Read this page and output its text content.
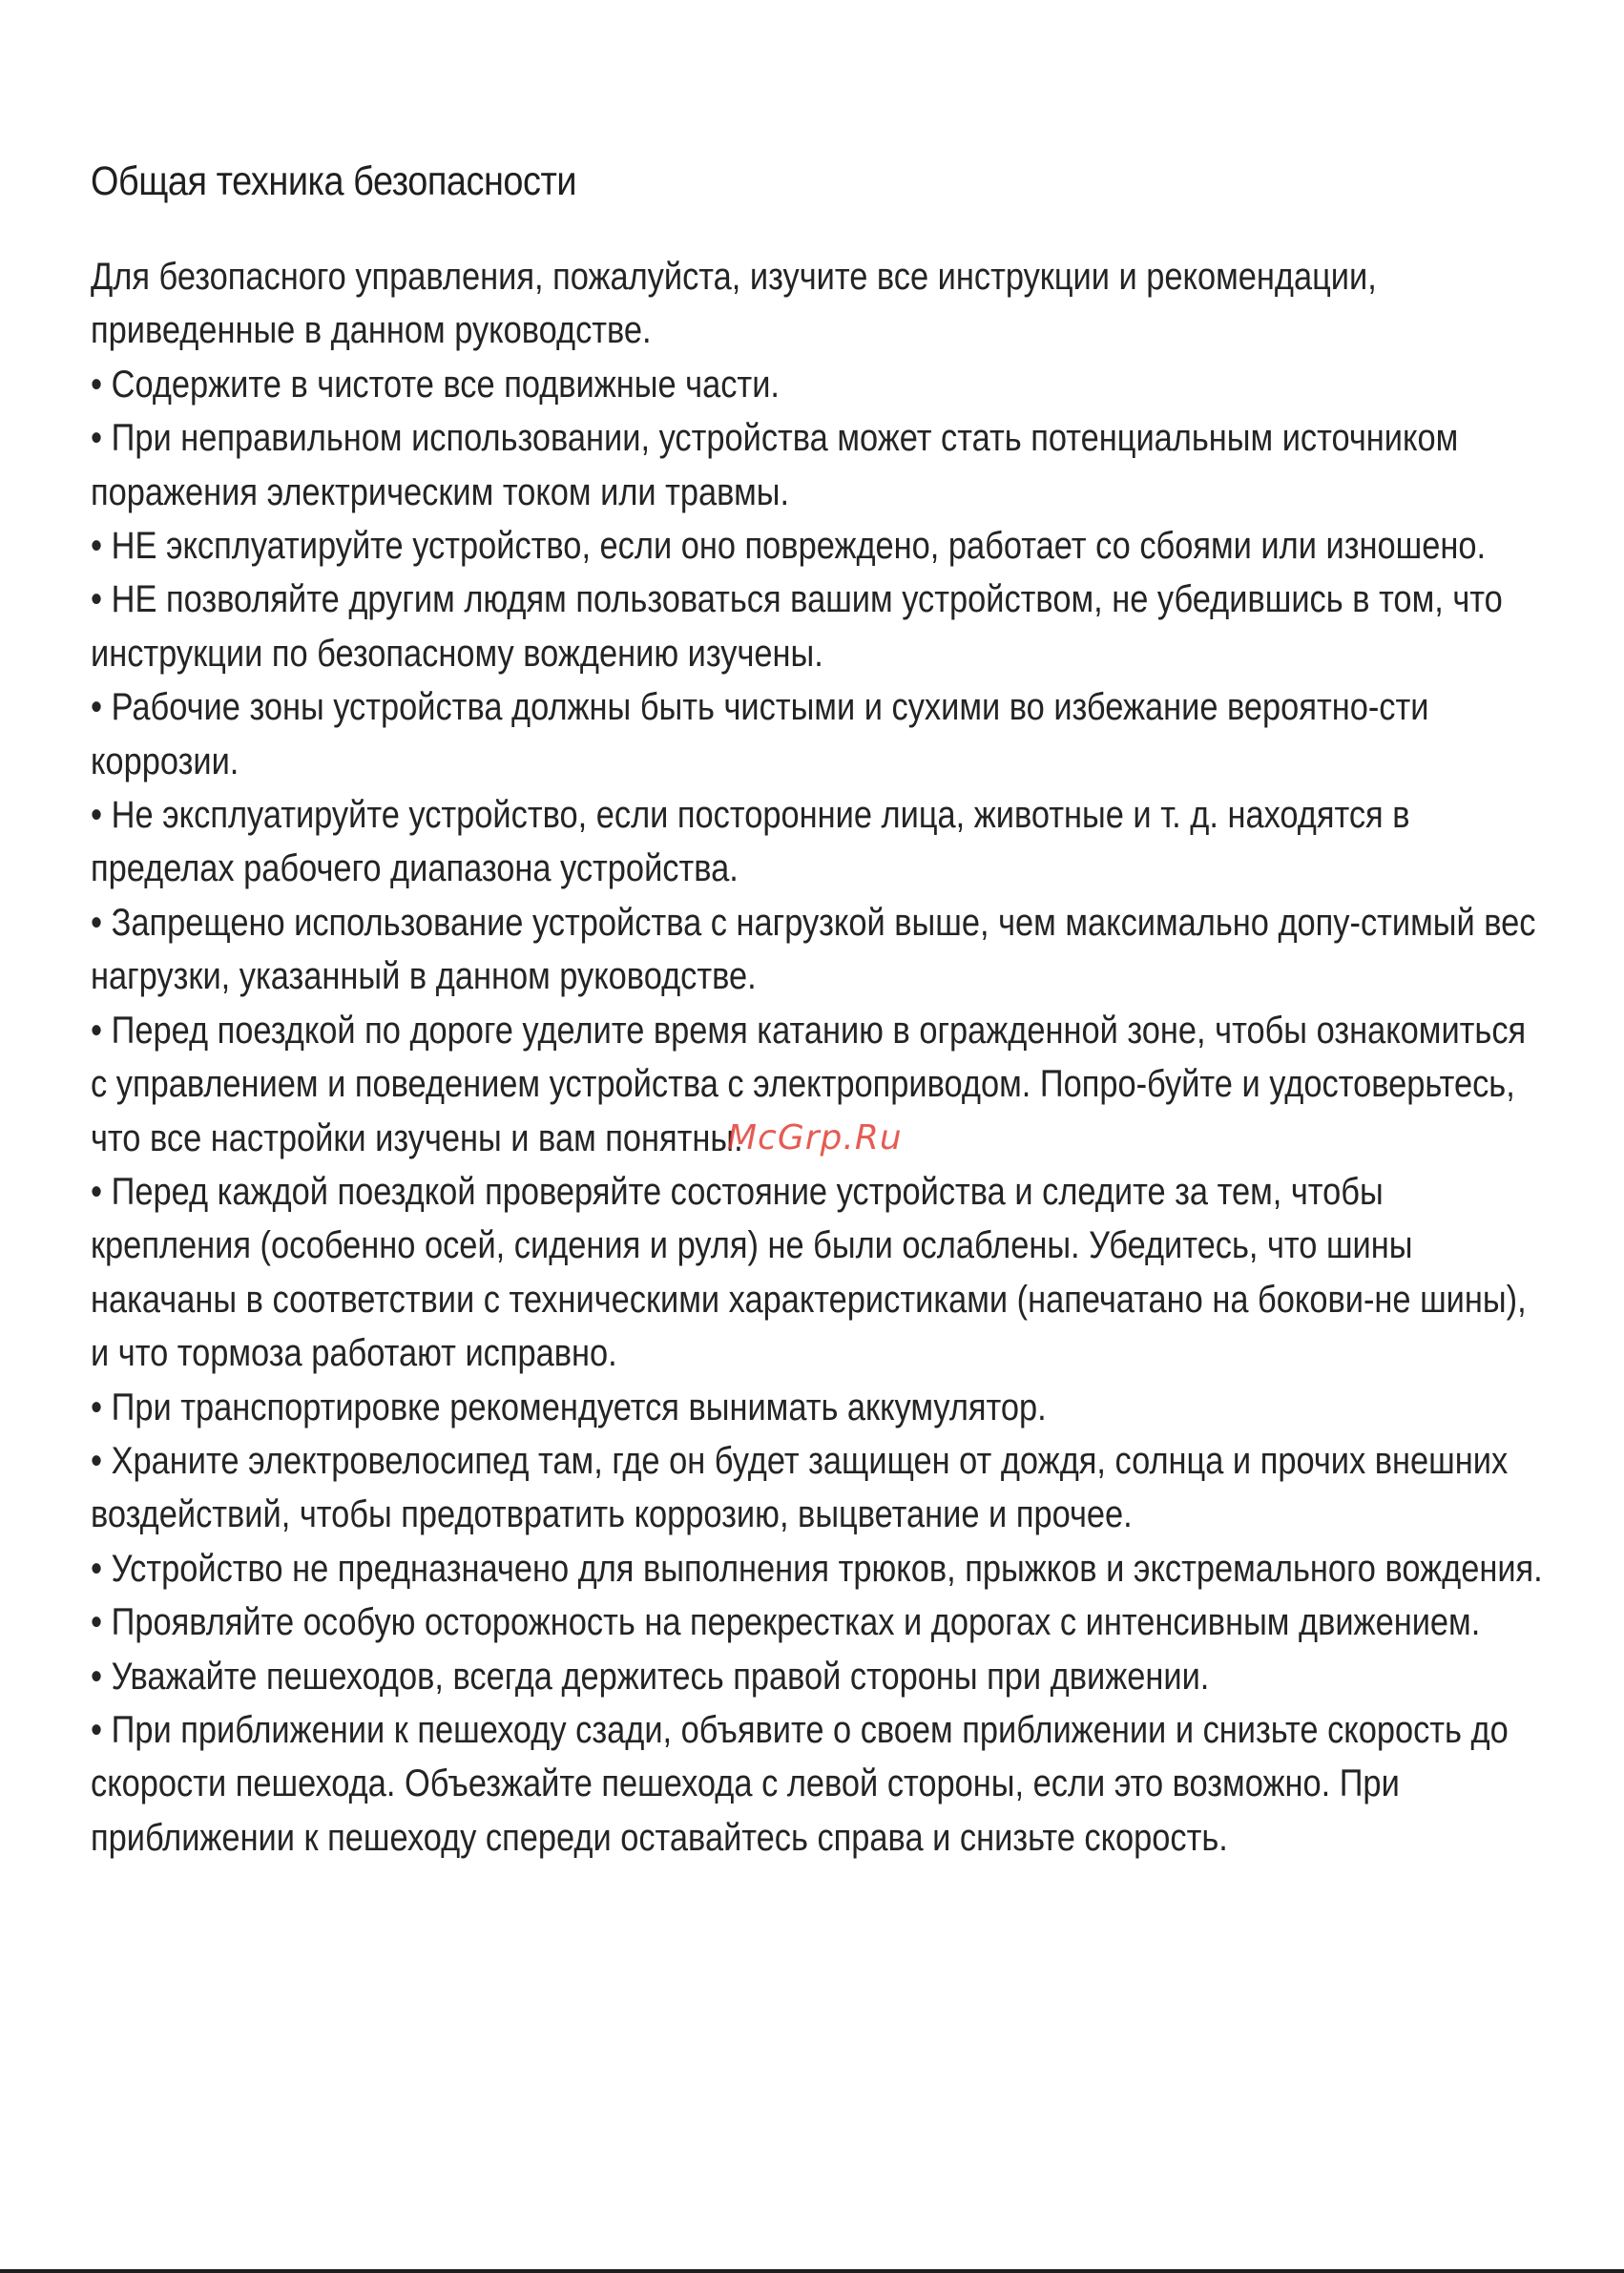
Общая техника безопасности

Для безопасного управления, пожалуйста, изучите все инструкции и рекомендации, приведенные в данном руководстве.

• Содержите в чистоте все подвижные части.

• При неправильном использовании, устройства может стать потенциальным источником поражения электрическим током или травмы.

• НЕ эксплуатируйте устройство, если оно повреждено, работает со сбоями или изношено.

• НЕ позволяйте другим людям пользоваться вашим устройством, не убедившись в том, что инструкции по безопасному вождению изучены.

• Рабочие зоны устройства должны быть чистыми и сухими во избежание вероятно-сти коррозии.

• Не эксплуатируйте устройство, если посторонние лица, животные и т. д. находятся в пределах рабочего диапазона устройства.

• Запрещено использование устройства с нагрузкой выше, чем максимально допу-стимый вес нагрузки, указанный в данном руководстве.

• Перед поездкой по дороге уделите время катанию в огражденной зоне, чтобы ознакомиться с управлением и поведением устройства с электроприводом. Попро-буйте и удостоверьтесь, что все настройки изучены и вам понятны.

• Перед каждой поездкой проверяйте состояние устройства и следите за тем, чтобы крепления (особенно осей, сидения и руля) не были ослаблены. Убедитесь, что шины накачаны в соответствии с техническими характеристиками (напечатано на бокови-не шины), и что тормоза работают исправно.

• При транспортировке рекомендуется вынимать аккумулятор.

• Храните электровелосипед там, где он будет защищен от дождя, солнца и прочих внешних воздействий, чтобы предотвратить коррозию, выцветание и прочее.

• Устройство не предназначено для выполнения трюков, прыжков и экстремального вождения.

• Проявляйте особую осторожность на перекрестках и дорогах с интенсивным движением.

• Уважайте пешеходов, всегда держитесь правой стороны при движении.

• При приближении к пешеходу сзади, объявите о своем приближении и снизьте скорость до скорости пешехода. Объезжайте пешехода с левой стороны, если это возможно. При приближении к пешеходу спереди оставайтесь справа и снизьте скорость.

McGrp.Ru
